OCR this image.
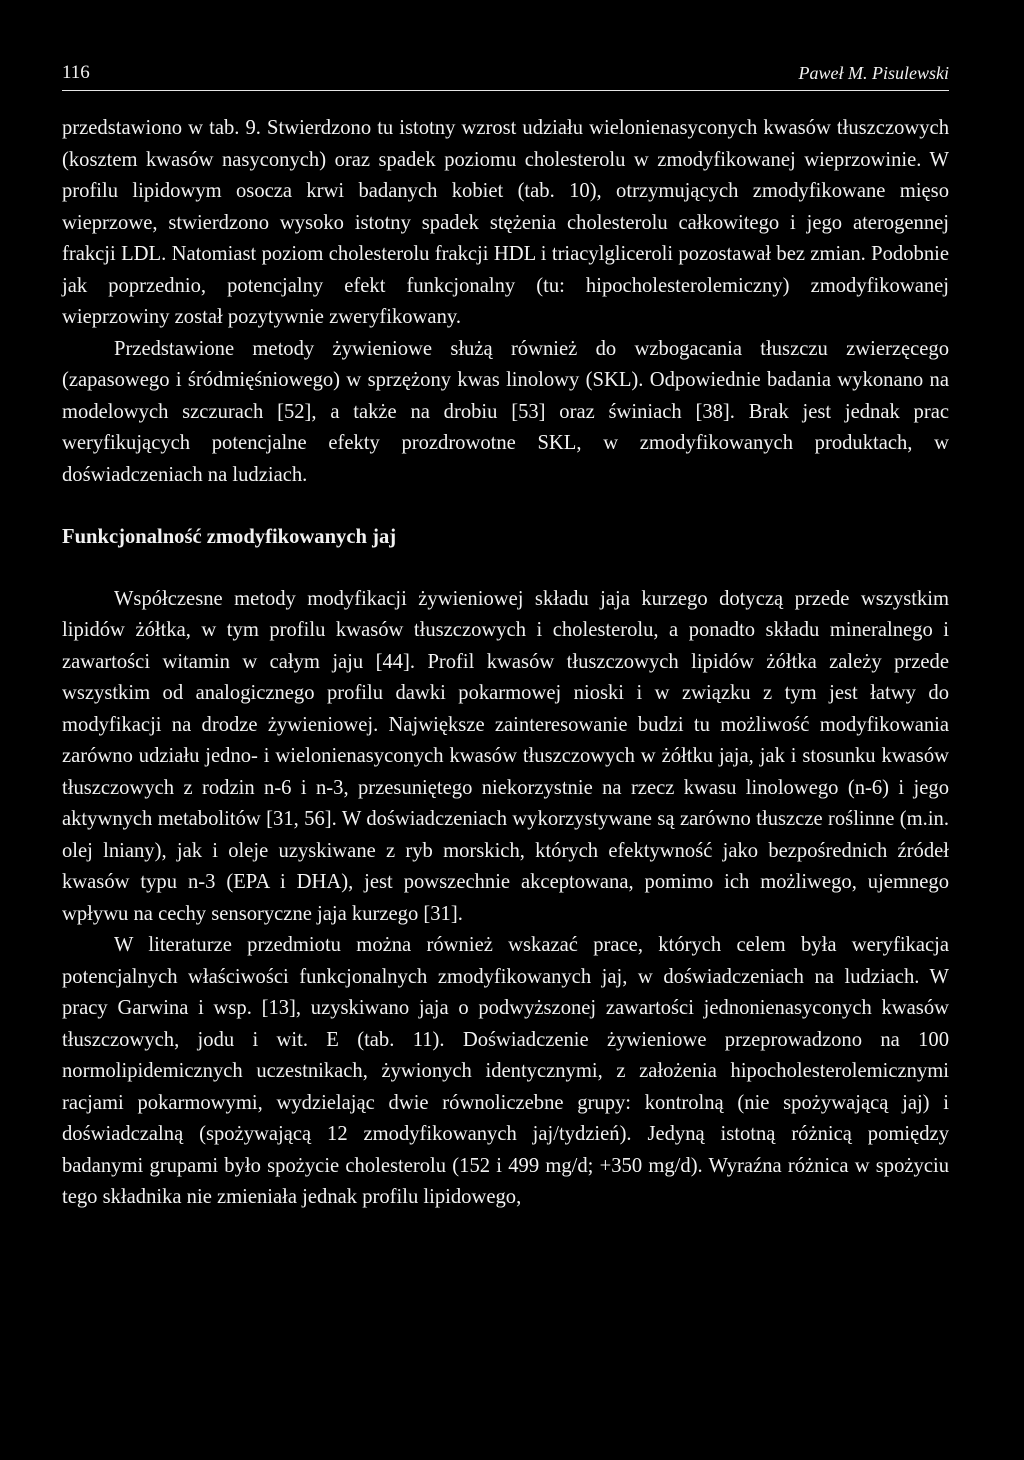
116	Paweł M. Pisulewski

przedstawiono w tab. 9. Stwierdzono tu istotny wzrost udziału wielonienasyconych kwasów tłuszczowych (kosztem kwasów nasyconych) oraz spadek poziomu cholesterolu w zmodyfikowanej wieprzowinie. W profilu lipidowym osocza krwi badanych kobiet (tab. 10), otrzymujących zmodyfikowane mięso wieprzowe, stwierdzono wysoko istotny spadek stężenia cholesterolu całkowitego i jego aterogennej frakcji LDL. Natomiast poziom cholesterolu frakcji HDL i triacylgliceroli pozostawał bez zmian. Podobnie jak poprzednio, potencjalny efekt funkcjonalny (tu: hipocholesterolemiczny) zmodyfikowanej wieprzowiny został pozytywnie zweryfikowany.

Przedstawione metody żywieniowe służą również do wzbogacania tłuszczu zwierzęcego (zapasowego i śródmięśniowego) w sprzężony kwas linolowy (SKL). Odpowiednie badania wykonano na modelowych szczurach [52], a także na drobiu [53] oraz świniach [38]. Brak jest jednak prac weryfikujących potencjalne efekty prozdrowotne SKL, w zmodyfikowanych produktach, w doświadczeniach na ludziach.

Funkcjonalność zmodyfikowanych jaj

Współczesne metody modyfikacji żywieniowej składu jaja kurzego dotyczą przede wszystkim lipidów żółtka, w tym profilu kwasów tłuszczowych i cholesterolu, a ponadto składu mineralnego i zawartości witamin w całym jaju [44]. Profil kwasów tłuszczowych lipidów żółtka zależy przede wszystkim od analogicznego profilu dawki pokarmowej nioski i w związku z tym jest łatwy do modyfikacji na drodze żywieniowej. Największe zainteresowanie budzi tu możliwość modyfikowania zarówno udziału jedno- i wielonienasyconych kwasów tłuszczowych w żółtku jaja, jak i stosunku kwasów tłuszczowych z rodzin n-6 i n-3, przesuniętego niekorzystnie na rzecz kwasu linolowego (n-6) i jego aktywnych metabolitów [31, 56]. W doświadczeniach wykorzystywane są zarówno tłuszcze roślinne (m.in. olej lniany), jak i oleje uzyskiwane z ryb morskich, których efektywność jako bezpośrednich źródeł kwasów typu n-3 (EPA i DHA), jest powszechnie akceptowana, pomimo ich możliwego, ujemnego wpływu na cechy sensoryczne jaja kurzego [31].

W literaturze przedmiotu można również wskazać prace, których celem była weryfikacja potencjalnych właściwości funkcjonalnych zmodyfikowanych jaj, w doświadczeniach na ludziach. W pracy Garwina i wsp. [13], uzyskiwano jaja o podwyższonej zawartości jednonienasyconych kwasów tłuszczowych, jodu i wit. E (tab. 11). Doświadczenie żywieniowe przeprowadzono na 100 normolipidemicznych uczestnikach, żywionych identycznymi, z założenia hipocholesterolemicznymi racjami pokarmowymi, wydzielając dwie równoliczebne grupy: kontrolną (nie spożywającą jaj) i doświadczalną (spożywającą 12 zmodyfikowanych jaj/tydzień). Jedyną istotną różnicą pomiędzy badanymi grupami było spożycie cholesterolu (152 i 499 mg/d; +350 mg/d). Wyraźna różnica w spożyciu tego składnika nie zmieniała jednak profilu lipidowego,
